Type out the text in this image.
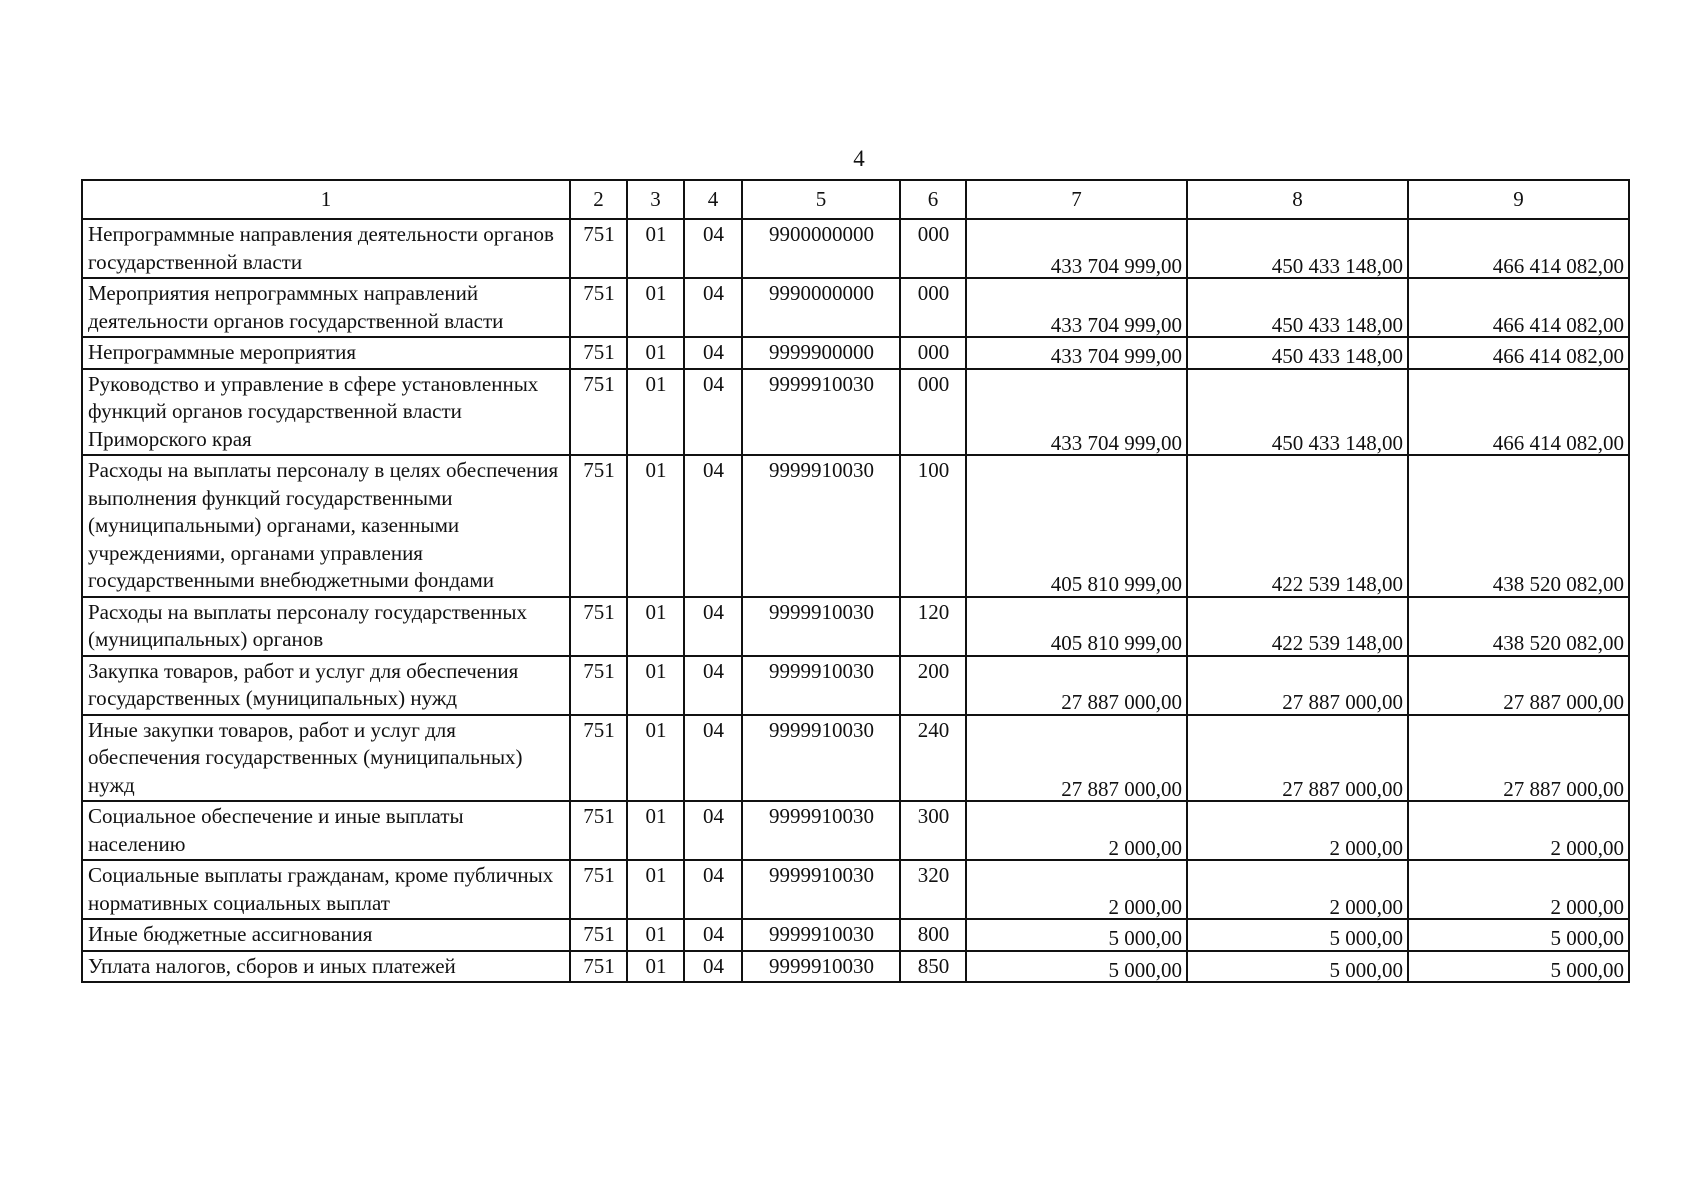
4
1	2	3	4	5	6	7	8	9
Непрограммные направления деятельности органов государственной власти	751	01	04	9900000000	000	433 704 999,00	450 433 148,00	466 414 082,00
Мероприятия непрограммных направлений деятельности органов государственной власти	751	01	04	9990000000	000	433 704 999,00	450 433 148,00	466 414 082,00
Непрограммные мероприятия	751	01	04	9999900000	000	433 704 999,00	450 433 148,00	466 414 082,00
Руководство и управление в сфере установленных функций органов государственной власти Приморского края	751	01	04	9999910030	000	433 704 999,00	450 433 148,00	466 414 082,00
Расходы на выплаты персоналу в целях обеспечения выполнения функций государственными (муниципальными) органами, казенными учреждениями, органами управления государственными внебюджетными фондами	751	01	04	9999910030	100	405 810 999,00	422 539 148,00	438 520 082,00
Расходы на выплаты персоналу государственных (муниципальных) органов	751	01	04	9999910030	120	405 810 999,00	422 539 148,00	438 520 082,00
Закупка товаров, работ и услуг для обеспечения государственных (муниципальных) нужд	751	01	04	9999910030	200	27 887 000,00	27 887 000,00	27 887 000,00
Иные закупки товаров, работ и услуг для обеспечения государственных (муниципальных) нужд	751	01	04	9999910030	240	27 887 000,00	27 887 000,00	27 887 000,00
Социальное обеспечение и иные выплаты населению	751	01	04	9999910030	300	2 000,00	2 000,00	2 000,00
Социальные выплаты гражданам, кроме публичных нормативных социальных выплат	751	01	04	9999910030	320	2 000,00	2 000,00	2 000,00
Иные бюджетные ассигнования	751	01	04	9999910030	800	5 000,00	5 000,00	5 000,00
Уплата налогов, сборов и иных платежей	751	01	04	9999910030	850	5 000,00	5 000,00	5 000,00
